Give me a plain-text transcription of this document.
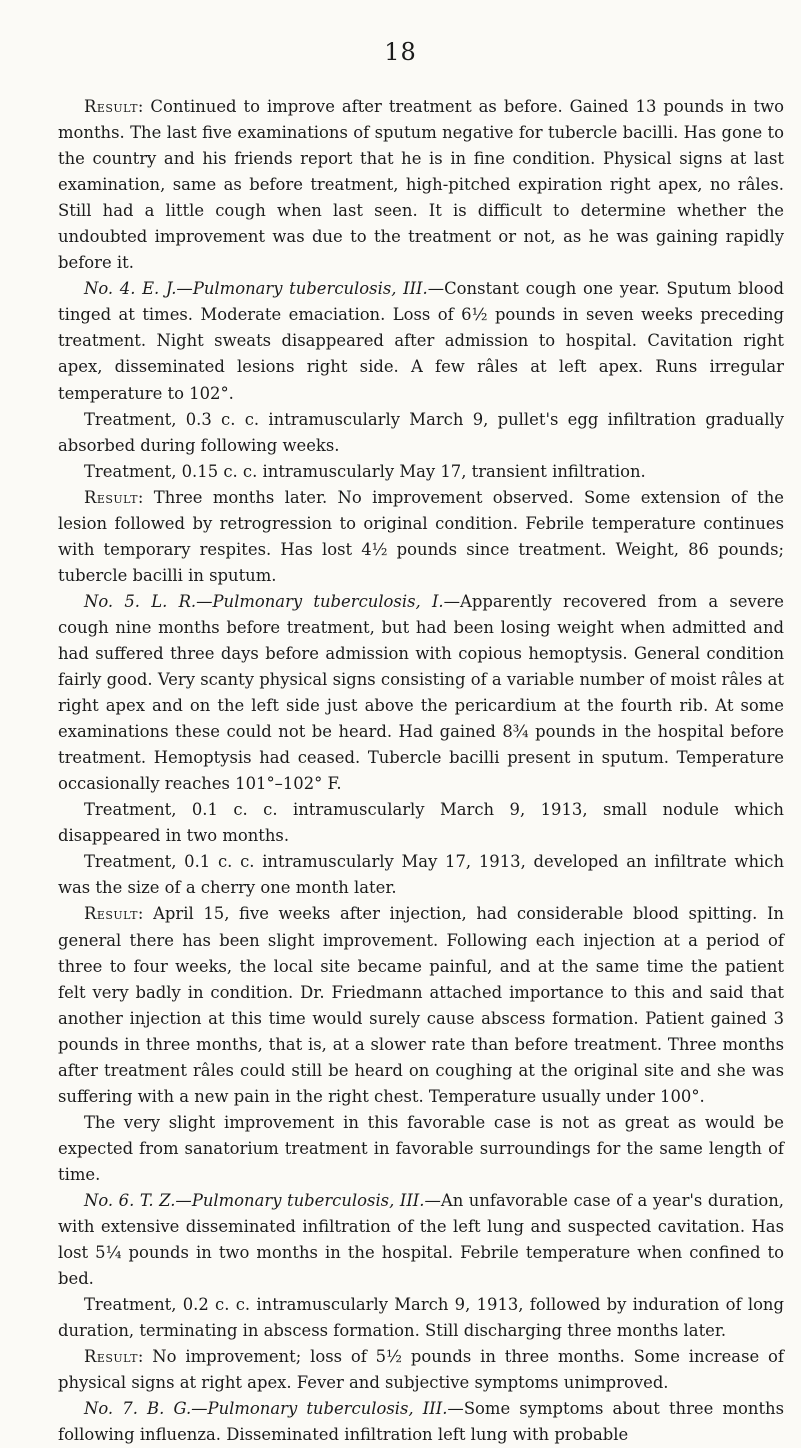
18

Result: Continued to improve after treatment as before. Gained 13 pounds in two months. The last five examinations of sputum negative for tubercle bacilli. Has gone to the country and his friends report that he is in fine condition. Physical signs at last examination, same as before treatment, high-pitched expiration right apex, no râles. Still had a little cough when last seen. It is difficult to determine whether the undoubted improvement was due to the treatment or not, as he was gaining rapidly before it.

No. 4. E. J.—Pulmonary tuberculosis, III.—Constant cough one year. Sputum blood tinged at times. Moderate emaciation. Loss of 6½ pounds in seven weeks preceding treatment. Night sweats disappeared after admission to hospital. Cavitation right apex, disseminated lesions right side. A few râles at left apex. Runs irregular temperature to 102°.

Treatment, 0.3 c. c. intramuscularly March 9, pullet's egg infiltration gradually absorbed during following weeks.

Treatment, 0.15 c. c. intramuscularly May 17, transient infiltration.

Result: Three months later. No improvement observed. Some extension of the lesion followed by retrogression to original condition. Febrile temperature continues with temporary respites. Has lost 4½ pounds since treatment. Weight, 86 pounds; tubercle bacilli in sputum.

No. 5. L. R.—Pulmonary tuberculosis, I.—Apparently recovered from a severe cough nine months before treatment, but had been losing weight when admitted and had suffered three days before admission with copious hemoptysis. General condition fairly good. Very scanty physical signs consisting of a variable number of moist râles at right apex and on the left side just above the pericardium at the fourth rib. At some examinations these could not be heard. Had gained 8¾ pounds in the hospital before treatment. Hemoptysis had ceased. Tubercle bacilli present in sputum. Temperature occasionally reaches 101°–102° F.

Treatment, 0.1 c. c. intramuscularly March 9, 1913, small nodule which disappeared in two months.

Treatment, 0.1 c. c. intramuscularly May 17, 1913, developed an infiltrate which was the size of a cherry one month later.

Result: April 15, five weeks after injection, had considerable blood spitting. In general there has been slight improvement. Following each injection at a period of three to four weeks, the local site became painful, and at the same time the patient felt very badly in condition. Dr. Friedmann attached importance to this and said that another injection at this time would surely cause abscess formation. Patient gained 3 pounds in three months, that is, at a slower rate than before treatment. Three months after treatment râles could still be heard on coughing at the original site and she was suffering with a new pain in the right chest. Temperature usually under 100°.

The very slight improvement in this favorable case is not as great as would be expected from sanatorium treatment in favorable surroundings for the same length of time.

No. 6. T. Z.—Pulmonary tuberculosis, III.—An unfavorable case of a year's duration, with extensive disseminated infiltration of the left lung and suspected cavitation. Has lost 5¼ pounds in two months in the hospital. Febrile temperature when confined to bed.

Treatment, 0.2 c. c. intramuscularly March 9, 1913, followed by induration of long duration, terminating in abscess formation. Still discharging three months later.

Result: No improvement; loss of 5½ pounds in three months. Some increase of physical signs at right apex. Fever and subjective symptoms unimproved.

No. 7. B. G.—Pulmonary tuberculosis, III.—Some symptoms about three months following influenza. Disseminated infiltration left lung with probable
